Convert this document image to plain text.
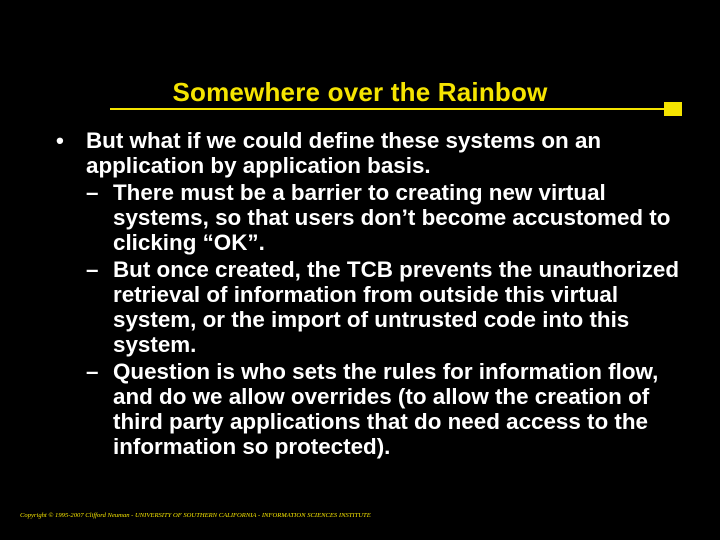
Somewhere over the Rainbow
• But what if we could define these systems on an application by application basis.
– There must be a barrier to creating new virtual systems, so that users don’t become accustomed to clicking “OK”.
– But once created, the TCB prevents the unauthorized retrieval of information from outside this virtual system, or the import of untrusted code into this system.
– Question is who sets the rules for information flow, and do we allow overrides (to allow the creation of third party applications that do need access to the information so protected).
Copyright © 1995-2007 Clifford Neuman - UNIVERSITY OF SOUTHERN CALIFORNIA - INFORMATION SCIENCES INSTITUTE
